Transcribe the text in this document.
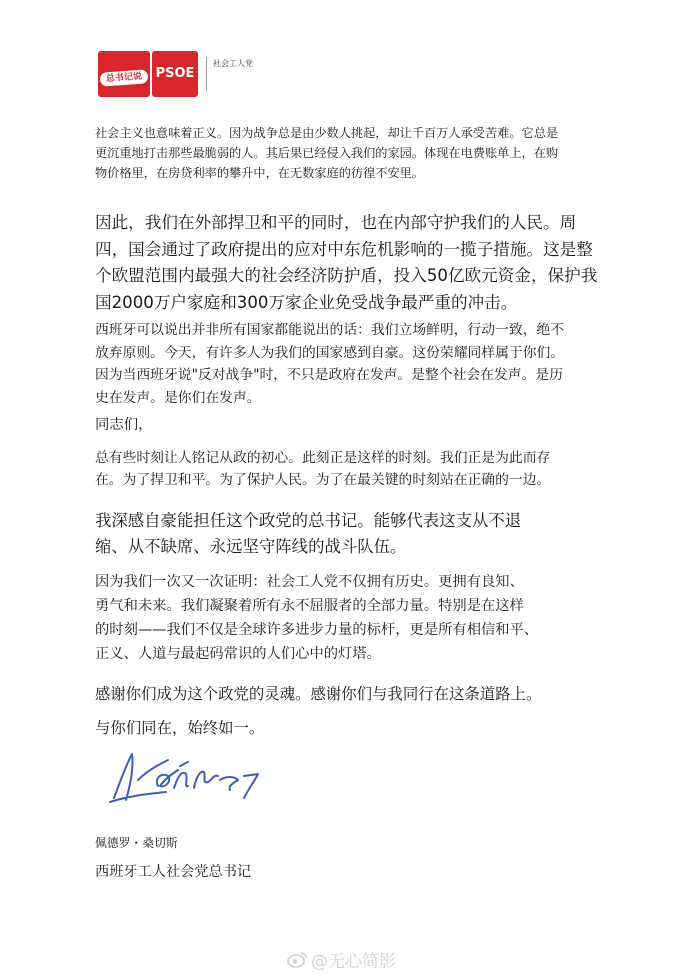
总书记说	PSOE
社会工人党

社会主义也意味着正义。因为战争总是由少数人挑起，却让千百万人承受苦难。它总是
更沉重地打击那些最脆弱的人。其后果已经侵入我们的家园。体现在电费账单上，在购
物价格里，在房贷利率的攀升中，在无数家庭的彷徨不安里。

因此，我们在外部捍卫和平的同时，也在内部守护我们的人民。周
四，国会通过了政府提出的应对中东危机影响的一揽子措施。这是整
个欧盟范围内最强大的社会经济防护盾，投入50亿欧元资金，保护我
国2000万户家庭和300万家企业免受战争最严重的冲击。

西班牙可以说出并非所有国家都能说出的话：我们立场鲜明，行动一致，绝不
放弃原则。今天，有许多人为我们的国家感到自豪。这份荣耀同样属于你们。
因为当西班牙说"反对战争"时，不只是政府在发声。是整个社会在发声。是历
史在发声。是你们在发声。

同志们，

总有些时刻让人铭记从政的初心。此刻正是这样的时刻。我们正是为此而存
在。为了捍卫和平。为了保护人民。为了在最关键的时刻站在正确的一边。

我深感自豪能担任这个政党的总书记。能够代表这支从不退
缩、从不缺席、永远坚守阵线的战斗队伍。

因为我们一次又一次证明：社会工人党不仅拥有历史。更拥有良知、
勇气和未来。我们凝聚着所有永不屈服者的全部力量。特别是在这样
的时刻——我们不仅是全球许多进步力量的标杆，更是所有相信和平、
正义、人道与最起码常识的人们心中的灯塔。

感谢你们成为这个政党的灵魂。感谢你们与我同行在这条道路上。

与你们同在，始终如一。

佩德罗・桑切斯

西班牙工人社会党总书记

@无心简影
